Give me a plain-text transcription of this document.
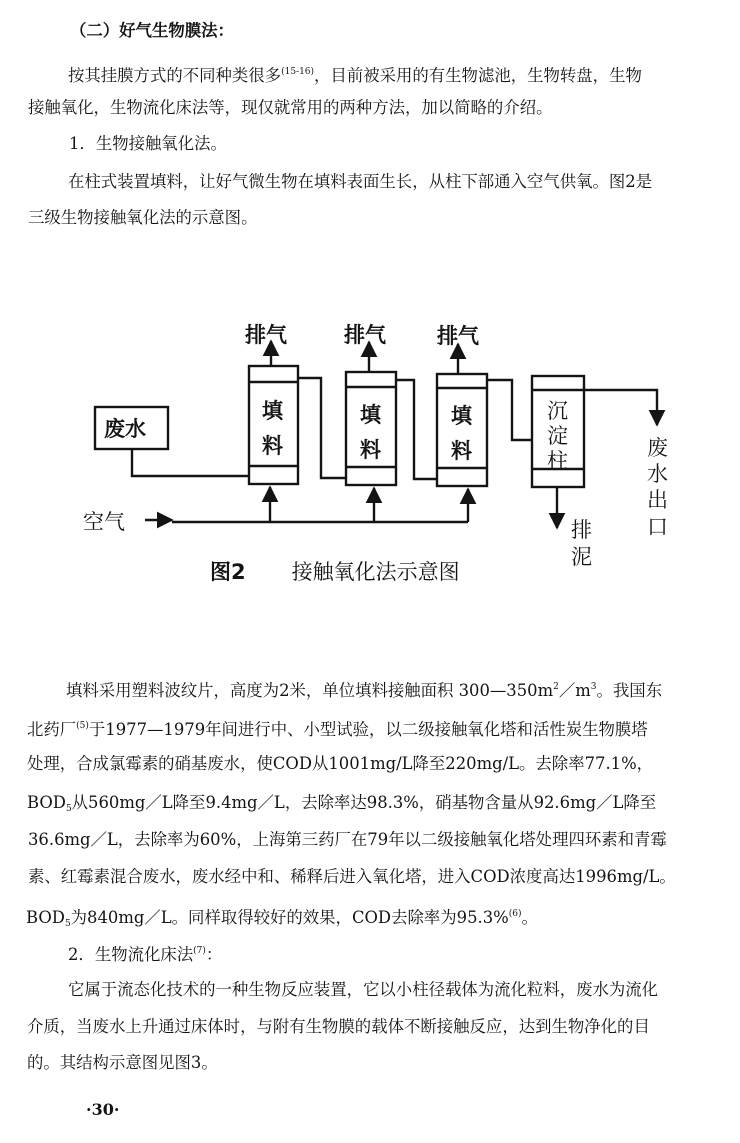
（二）好气生物膜法：
按其挂膜方式的不同种类很多$^{(15-16)}$，目前被采用的有生物滤池，生物转盘，生物
接触氧化，生物流化床法等，现仅就常用的两种方法，加以简略的介绍。
1．生物接触氧化法。
在柱式装置填料，让好气微生物在填料表面生长，从柱下部通入空气供氧。图2是
三级生物接触氧化法的示意图。
排气	排气 排气
废水
填
料
填
料
填
料
沉
淀
柱
废
水
出
口
排
泥
空气
图2 接触氧化法示意图
填料采用塑料波纹片，高度为2米，单位填料接触面积 $300—350m^2/m^3$。我国东
北药厂$^{(5)}$于1977—1979年间进行中、小型试验，以二级接触氧化塔和活性炭生物膜塔
处理，合成氯霉素的硝基废水，使COD从1001mg/L降至220mg/L。去除率77.1%，
$BOD_5$从560mg／L降至9.4mg／L，去除率达98.3%，硝基物含量从92.6mg／L降至
36.6mg／L，去除率为60%，上海第三药厂在79年以二级接触氧化塔处理四环素和青霉
素、红霉素混合废水，废水经中和、稀释后进入氧化塔，进入COD浓度高达1996mg/L。
$BOD_5$为840mg／L。同样取得较好的效果，COD去除率为95.3%$^{(6)}$。
2．生物流化床法$^{(7)}$：
它属于流态化技术的一种生物反应装置，它以小柱径载体为流化粒料，废水为流化
介质，当废水上升通过床体时，与附有生物膜的载体不断接触反应，达到生物净化的目
的。其结构示意图见图3。
·30·
